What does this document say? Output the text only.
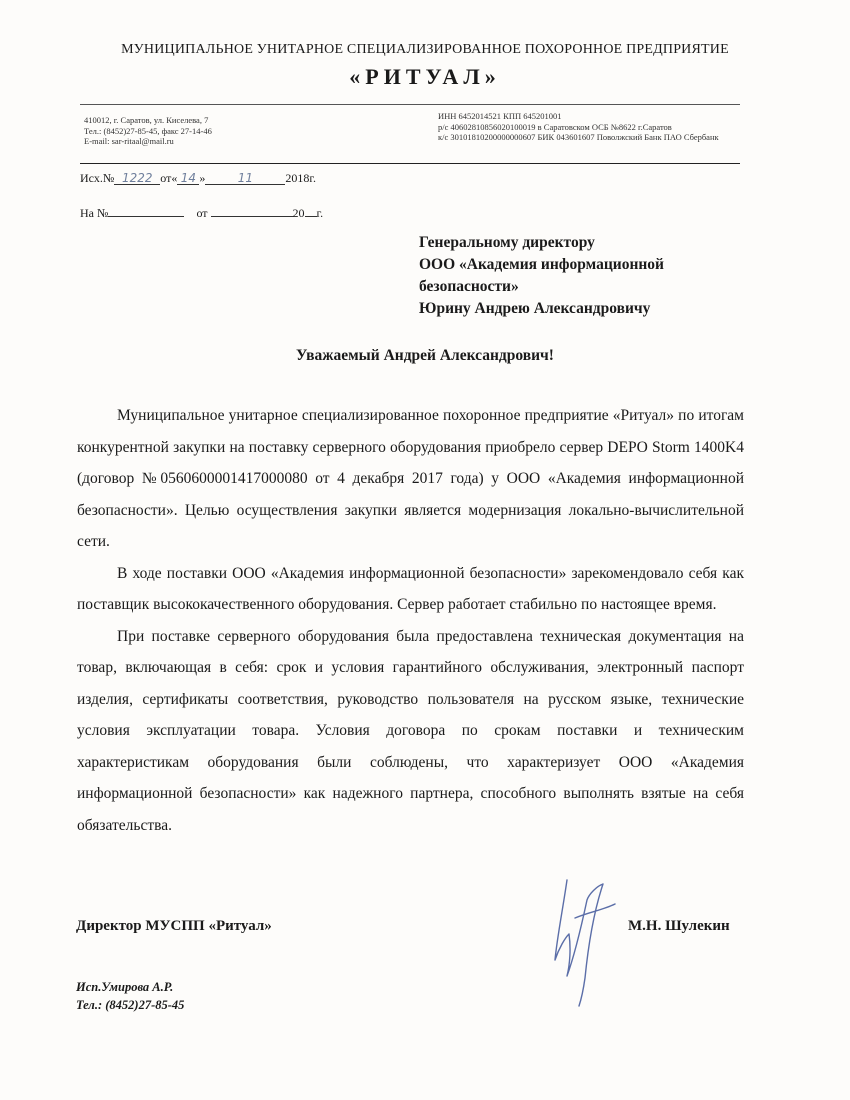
МУНИЦИПАЛЬНОЕ УНИТАРНОЕ СПЕЦИАЛИЗИРОВАННОЕ ПОХОРОННОЕ ПРЕДПРИЯТИЕ
«РИТУАЛ»
410012, г. Саратов, ул. Киселева, 7
Тел.: (8452)27-85-45, факс 27-14-46
E-mail: sar-ritaal@mail.ru
ИНН 6452014521 КПП 645201001
р/с 40602810856020100019 в Саратовском ОСБ №8622 г.Саратов
к/с 30101810200000000607 БИК 043601607 Поволжский Банк ПАО Сбербанк
Исх.№ 1222 от« 14 »	11	2018г.
На №	от	20 г.
Генеральному директору
ООО «Академия информационной
безопасности»
Юрину Андрею Александровичу
Уважаемый Андрей Александрович!

Муниципальное унитарное специализированное похоронное предприятие «Ритуал» по итогам конкурентной закупки на поставку серверного оборудования приобрело сервер DEPO Storm 1400K4 (договор №0560600001417000080 от 4 декабря 2017 года) у ООО «Академия информационной безопасности». Целью осуществления закупки является модернизация локально-вычислительной сети.

В ходе поставки ООО «Академия информационной безопасности» зарекомендовало себя как поставщик высококачественного оборудования. Сервер работает стабильно по настоящее время.

При поставке серверного оборудования была предоставлена техническая документация на товар, включающая в себя: срок и условия гарантийного обслуживания, электронный паспорт изделия, сертификаты соответствия, руководство пользователя на русском языке, технические условия эксплуатации товара. Условия договора по срокам поставки и техническим характеристикам оборудования были соблюдены, что характеризует ООО «Академия информационной безопасности» как надежного партнера, способного выполнять взятые на себя обязательства.

Директор МУСПП «Ритуал»	М.Н. Шулекин
Исп.Умирова А.Р.
Тел.: (8452)27-85-45
